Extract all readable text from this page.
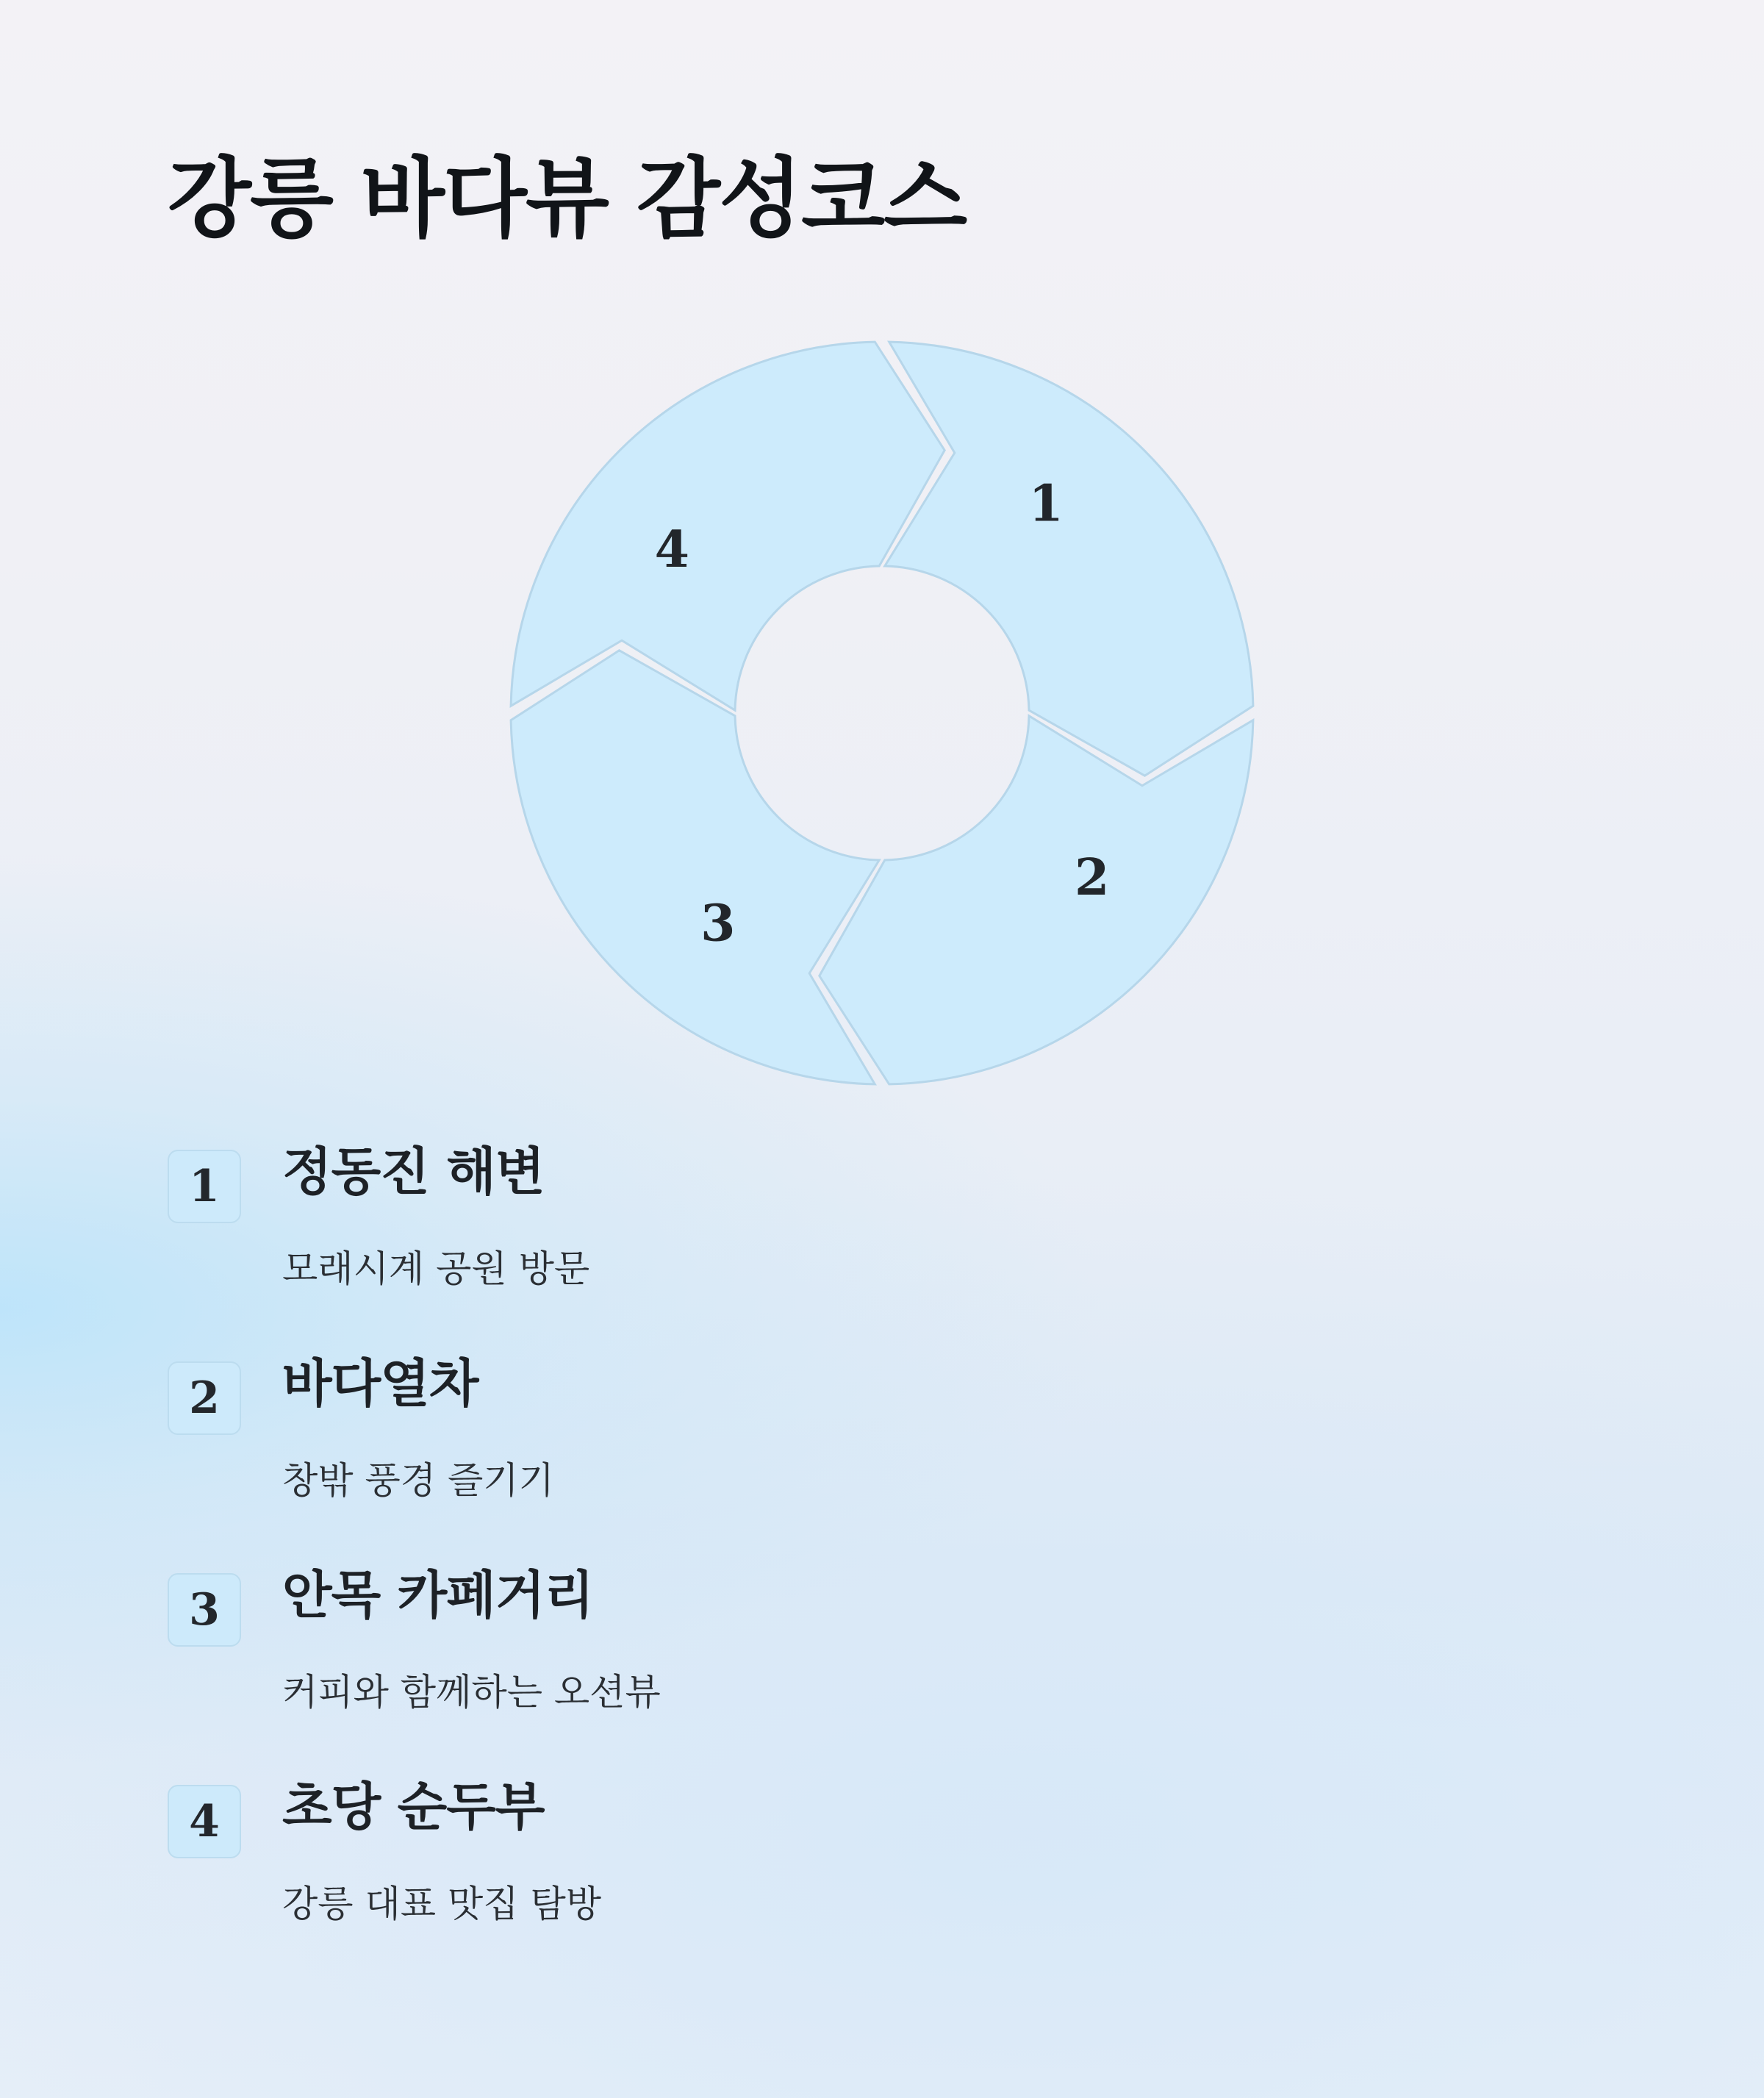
강릉 바다뷰 감성코스
1
2
3
4
1	정동진 해변
모래시계 공원 방문
2	바다열차
창밖 풍경 즐기기
3	안목 카페거리
커피와 함께하는 오션뷰
4	초당 순두부
강릉 대표 맛집 탐방
